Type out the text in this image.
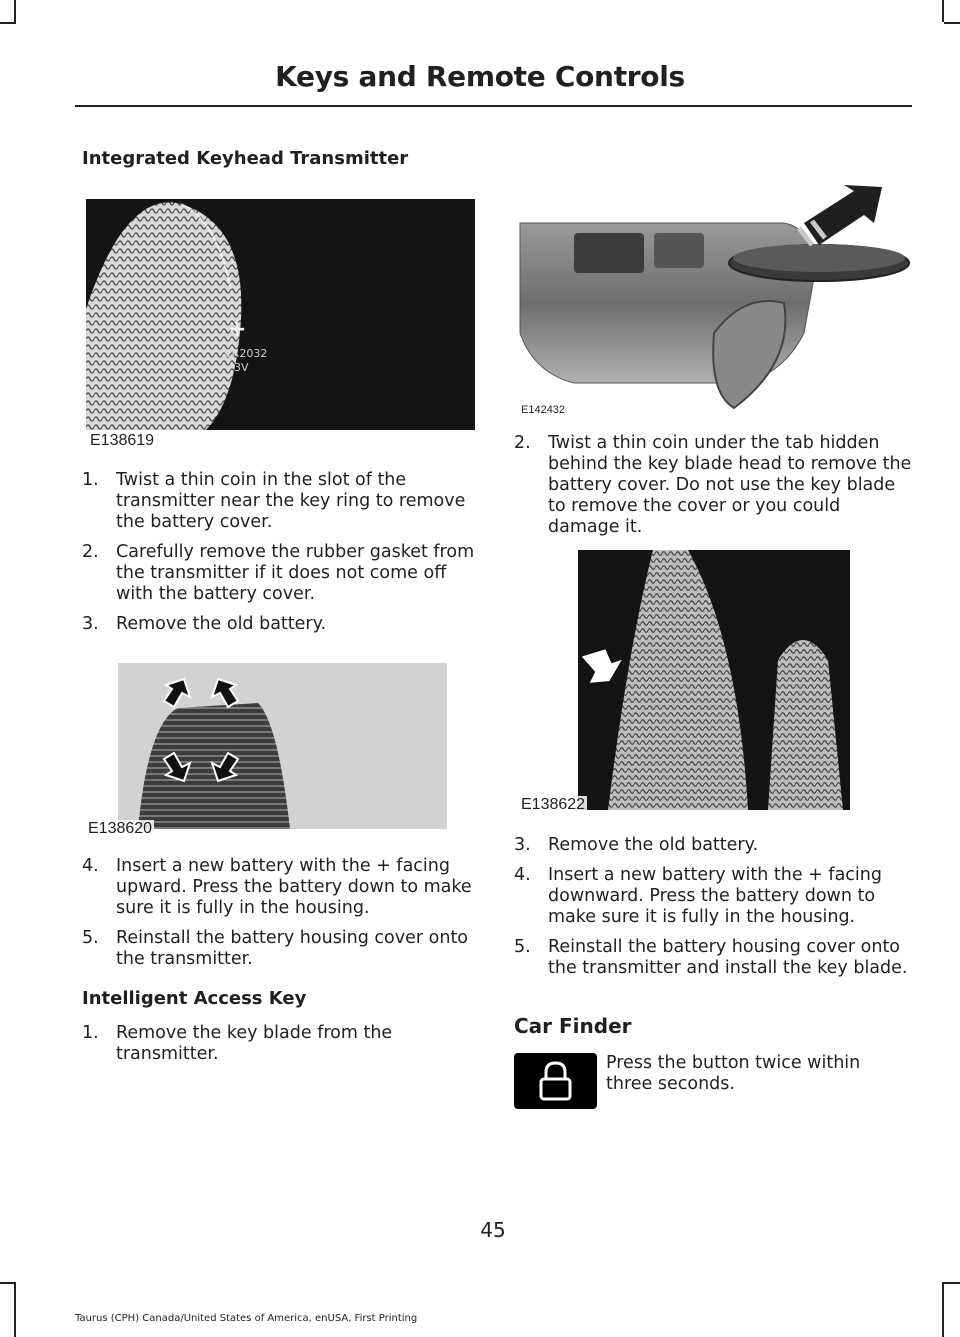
Keys and Remote Controls
Integrated Keyhead Transmitter
+
CR2032
3V
E138619
1. Twist a thin coin in the slot of the transmitter near the key ring to remove the battery cover.
2. Carefully remove the rubber gasket from the transmitter if it does not come off with the battery cover.
3. Remove the old battery.
E138620
4. Insert a new battery with the + facing upward. Press the battery down to make sure it is fully in the housing.
5. Reinstall the battery housing cover onto the transmitter.
Intelligent Access Key
1. Remove the key blade from the transmitter.
E142432
2. Twist a thin coin under the tab hidden behind the key blade head to remove the battery cover. Do not use the key blade to remove the cover or you could damage it.
E138622
3. Remove the old battery.
4. Insert a new battery with the + facing downward. Press the battery down to make sure it is fully in the housing.
5. Reinstall the battery housing cover onto the transmitter and install the key blade.
Car Finder
Press the button twice within three seconds.
45
Taurus (CPH) Canada/United States of America, enUSA, First Printing
